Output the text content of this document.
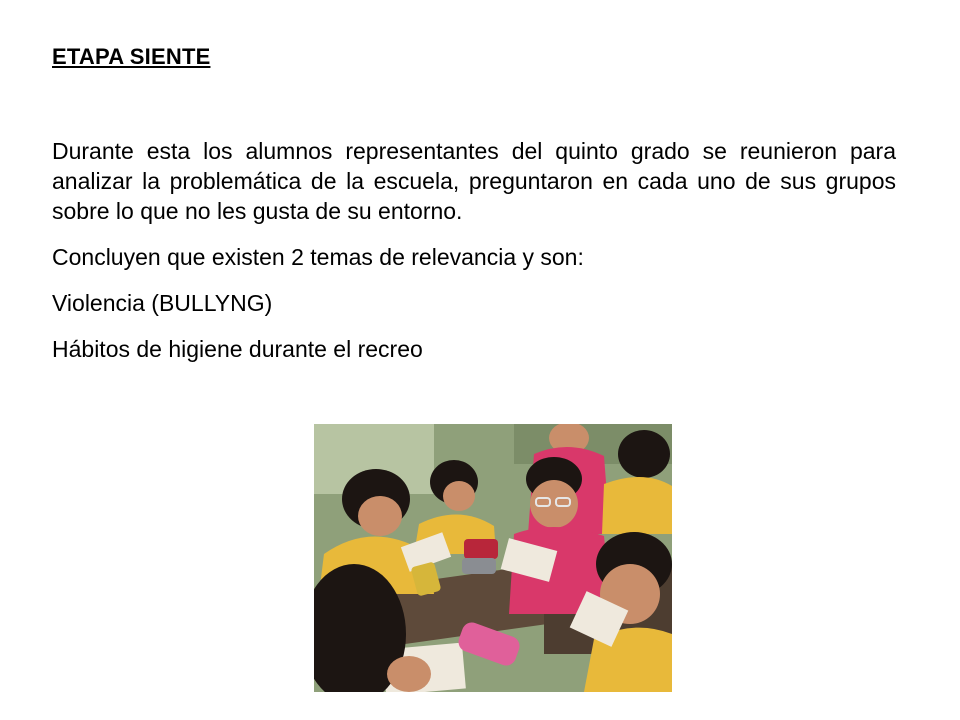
ETAPA SIENTE

Durante esta los alumnos representantes del quinto grado se reunieron para analizar la problemática de la escuela, preguntaron en cada uno de sus grupos sobre lo que no les gusta de su entorno.

Concluyen que existen 2 temas de relevancia y son:

Violencia (BULLYNG)

Hábitos de higiene durante el recreo
